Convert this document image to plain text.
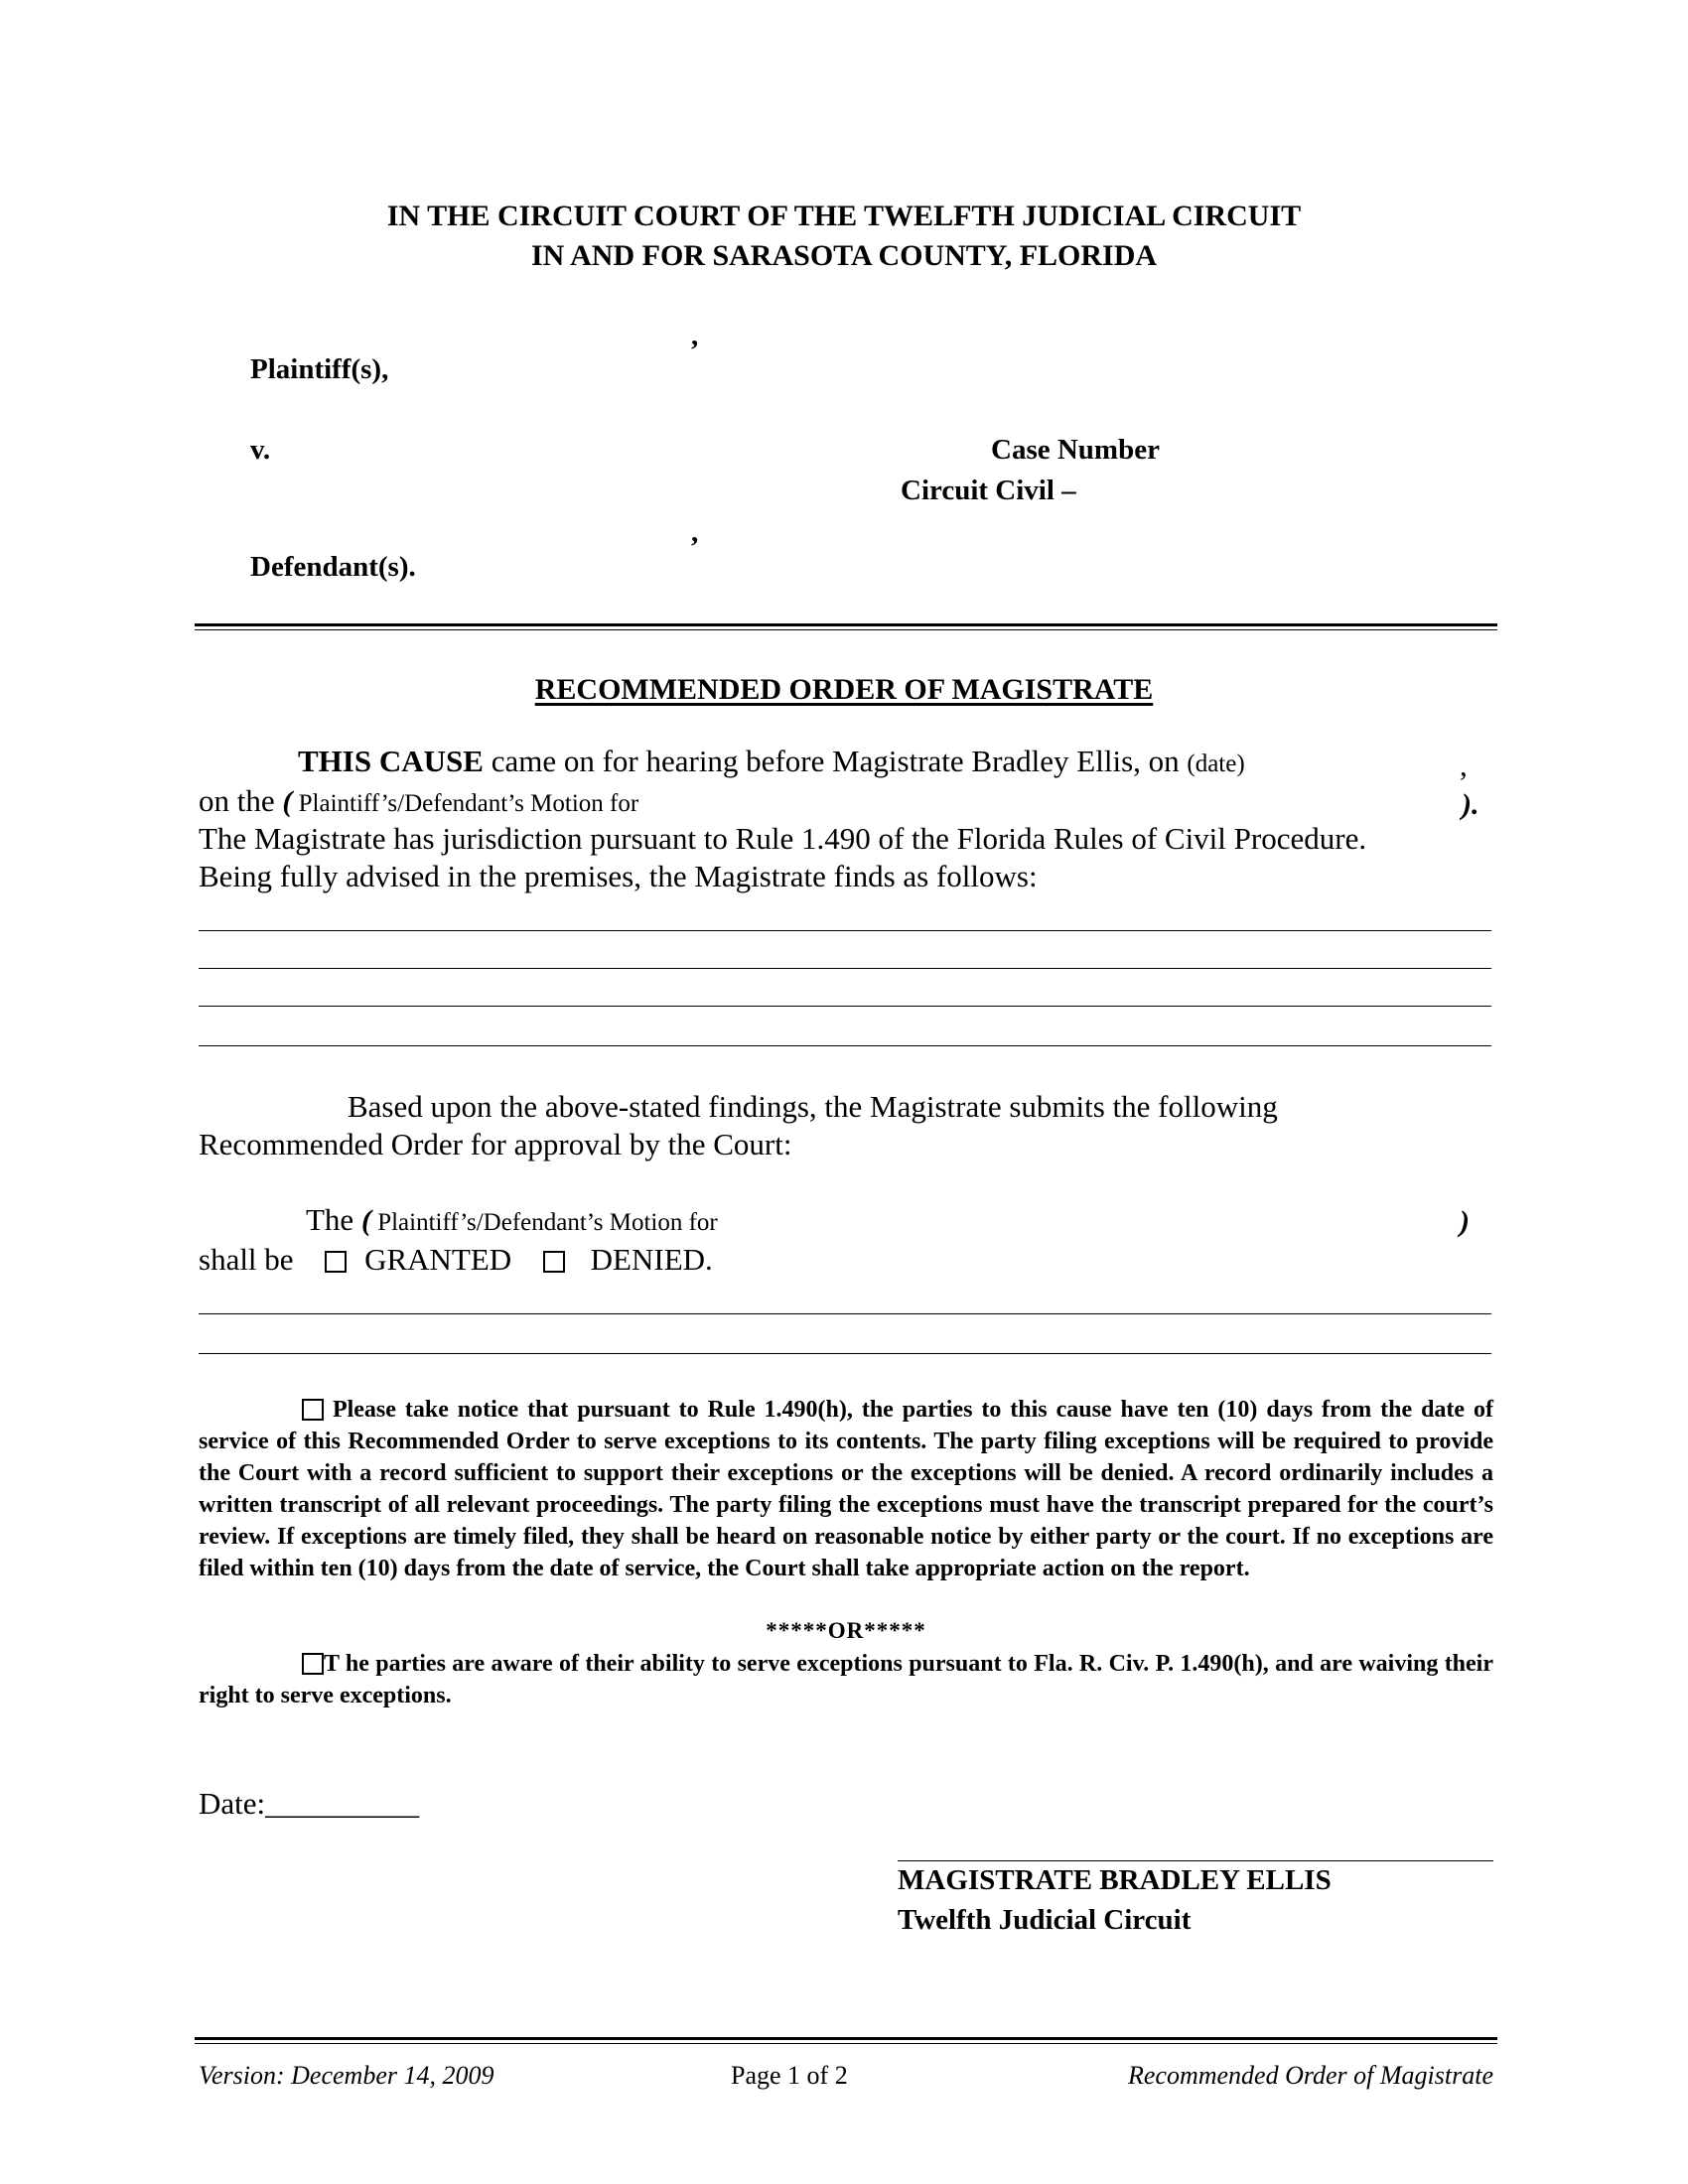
IN THE CIRCUIT COURT OF THE TWELFTH JUDICIAL CIRCUIT
IN AND FOR SARASOTA COUNTY, FLORIDA
,
Plaintiff(s),
v.	Case Number
Circuit Civil –
,
Defendant(s).
RECOMMENDED ORDER OF MAGISTRATE
THIS CAUSE came on for hearing before Magistrate Bradley Ellis, on (date)	,
on the ( Plaintiff’s/Defendant’s Motion for	).
The Magistrate has jurisdiction pursuant to Rule 1.490 of the Florida Rules of Civil Procedure.
Being fully advised in the premises, the Magistrate finds as follows:
Based upon the above-stated findings, the Magistrate submits the following
Recommended Order for approval by the Court:
The ( Plaintiff’s/Defendant’s Motion for	)
shall be GRANTED	DENIED.
Please take notice that pursuant to Rule 1.490(h), the parties to this cause have ten (10) days from the date of service of this Recommended Order to serve exceptions to its contents. The party filing exceptions will be required to provide the Court with a record sufficient to support their exceptions or the exceptions will be denied. A record ordinarily includes a written transcript of all relevant proceedings. The party filing the exceptions must have the transcript prepared for the court’s review. If exceptions are timely filed, they shall be heard on reasonable notice by either party or the court. If no exceptions are filed within ten (10) days from the date of service, the Court shall take appropriate action on the report.
*****OR*****
T he parties are aware of their ability to serve exceptions pursuant to Fla. R. Civ. P. 1.490(h), and are waiving their right to serve exceptions.
Date:__________
MAGISTRATE BRADLEY ELLIS
Twelfth Judicial Circuit
Version: December 14, 2009	Page 1 of 2	Recommended Order of Magistrate
